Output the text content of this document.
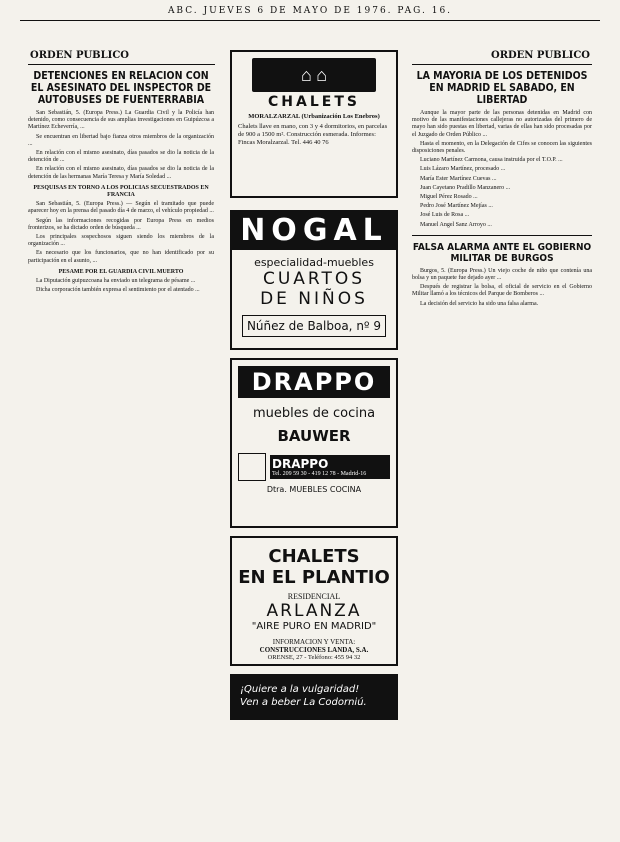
ABC. JUEVES 6 DE MAYO DE 1976. PAG. 16.
ORDEN PUBLICO
DETENCIONES EN RELACION CON EL ASESINATO DEL INSPECTOR DE AUTOBUSES DE FUENTERRABIA

San Sebastián, 5. (Europa Press.) La Guardia Civil y la Policía han detenido, como consecuencia de sus amplias investigaciones en Guipúzcoa a Martínez Echeverría, ...

Se encuentran en libertad bajo fianza otros miembros de la organización ...

En relación con el mismo asesinato, días pasados se dio la noticia de la detención de ...

En relación con el mismo asesinato, días pasados se dio la noticia de la detención de las hermanas María Teresa y María Soledad ...

PESQUISAS EN TORNO A LOS POLICIAS SECUESTRADOS EN FRANCIA

San Sebastián, 5. (Europa Press.) — Según el tramitado que puede aparecer hoy en la prensa del pasado día 4 de marzo, el vehículo propiedad ...

Según las informaciones recogidas por Europa Press en medios fronterizos, se ha dictado orden de búsqueda ...

Los principales sospechosos siguen siendo los miembros de la organización ...

Es necesario que los funcionarios, que no han identificado por su participación en el asunto, ...

PESAME POR EL GUARDIA CIVIL MUERTO

La Diputación guipuzcoana ha enviado un telegrama de pésame ...

Dicha corporación también expresa el sentimiento por el atentado ...

⌂ ⌂
CHALETS
MORALZARZAL (Urbanización Los Enebros)
Chalets llave en mano, con 3 y 4 dormitorios, en parcelas de 900 a 1500 m². Construcción esmerada. Informes: Fincas Moralzarzal. Tel. 446 40 76
NOGAL
especialidad-muebles
CUARTOS
DE NIÑOS
Núñez de Balboa, nº 9
DRAPPO
muebles de cocina
BAUWER
DRAPPO
Tel. 209 59 30 - 419 12 78 - Madrid-16
Dtra. MUEBLES COCINA
CHALETS
EN EL PLANTIO
RESIDENCIAL
ARLANZA
"AIRE PURO EN MADRID"
INFORMACION Y VENTA:
CONSTRUCCIONES LANDA, S.A.
ORENSE, 27 - Teléfono: 455 94 32
¡Quiere a la vulgaridad!
Ven a beber La Codorniú.
ORDEN PUBLICO
LA MAYORIA DE LOS DETENIDOS EN MADRID EL SABADO, EN LIBERTAD

Aunque la mayor parte de las personas detenidas en Madrid con motivo de las manifestaciones callejeras no autorizadas del primero de mayo han sido puestas en libertad, varias de ellas han sido procesadas por el Juzgado de Orden Público ...

Hasta el momento, en la Delegación de Cifes se conocen las siguientes disposiciones penales.

Luciano Martínez Carmona, causa instruida por el T.O.P. ...

Luis Lázaro Martínez, procesado ...

María Ester Martínez Cuevas ...

Juan Cayetano Pradillo Manzanero ...

Miguel Pérez Rosado ...

Pedro José Martínez Mejías ...

José Luis de Rosa ...

Manuel Angel Sanz Arroyo ...

FALSA ALARMA ANTE EL GOBIERNO MILITAR DE BURGOS

Burgos, 5. (Europa Press.) Un viejo coche de niño que contenía una bolsa y un paquete fue dejado ayer ...

Después de registrar la bolsa, el oficial de servicio en el Gobierno Militar llamó a los técnicos del Parque de Bomberos ...

La decisión del servicio ha sido una falsa alarma.
